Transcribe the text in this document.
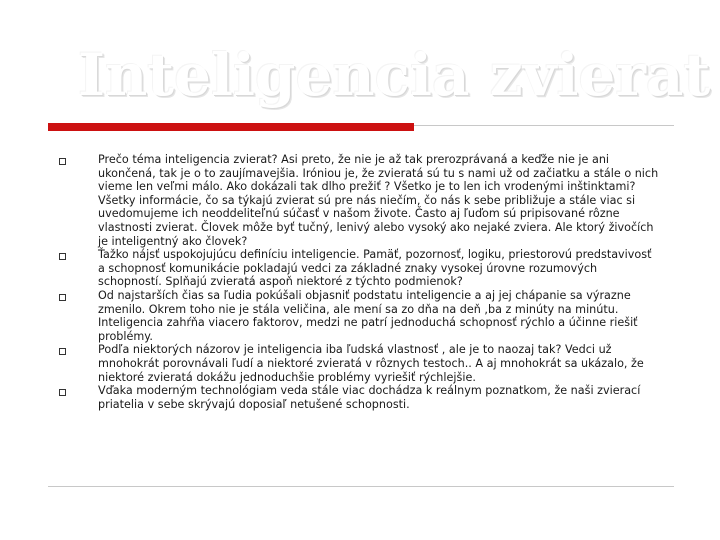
Inteligencia zvierat
Prečo téma inteligencia zvierat? Asi preto, že nie je až tak prerozprávaná a keďže nie je ani ukončená, tak je o to zaujímavejšia. Iróniou je, že zvieratá sú tu s nami už od začiatku a stále o nich vieme len veľmi málo. Ako dokázali tak dlho prežiť ? Všetko je to len ich vrodenými inštinktami? Všetky informácie, čo sa týkajú zvierat sú pre nás niečím, čo nás k sebe približuje a stále viac si uvedomujeme ich neoddeliteľnú súčasť v našom živote. Často aj ľuďom sú pripisované rôzne vlastnosti zvierat. Človek môže byť tučný, lenivý alebo vysoký ako nejaké zviera. Ale ktorý živočích je inteligentný ako človek?
Ťažko nájsť uspokojujúcu definíciu inteligencie. Pamäť, pozornosť, logiku, priestorovú predstavivosť a schopnosť komunikácie pokladajú vedci za základné znaky vysokej úrovne rozumových schopností. Splňajú zvieratá aspoň niektoré z týchto podmienok?
Od najstarších čias sa ľudia pokúšali objasniť podstatu inteligencie a aj jej chápanie sa výrazne zmenilo. Okrem toho nie je stála veličina, ale mení sa zo dňa na deň ,ba z minúty na minútu. Inteligencia zahŕňa viacero faktorov, medzi ne patrí jednoduchá schopnosť rýchlo a účinne riešiť problémy.
Podľa niektorých názorov je inteligencia iba ľudská vlastnosť , ale je to naozaj tak? Vedci už mnohokrát porovnávali ľudí a niektoré zvieratá v rôznych testoch.. A aj mnohokrát sa ukázalo, že niektoré zvieratá dokážu jednoduchšie problémy vyriešiť rýchlejšie.
Vďaka moderným technológiam veda stále viac dochádza k reálnym poznatkom, že naši zvierací priatelia v sebe skrývajú doposiaľ netušené schopnosti.
